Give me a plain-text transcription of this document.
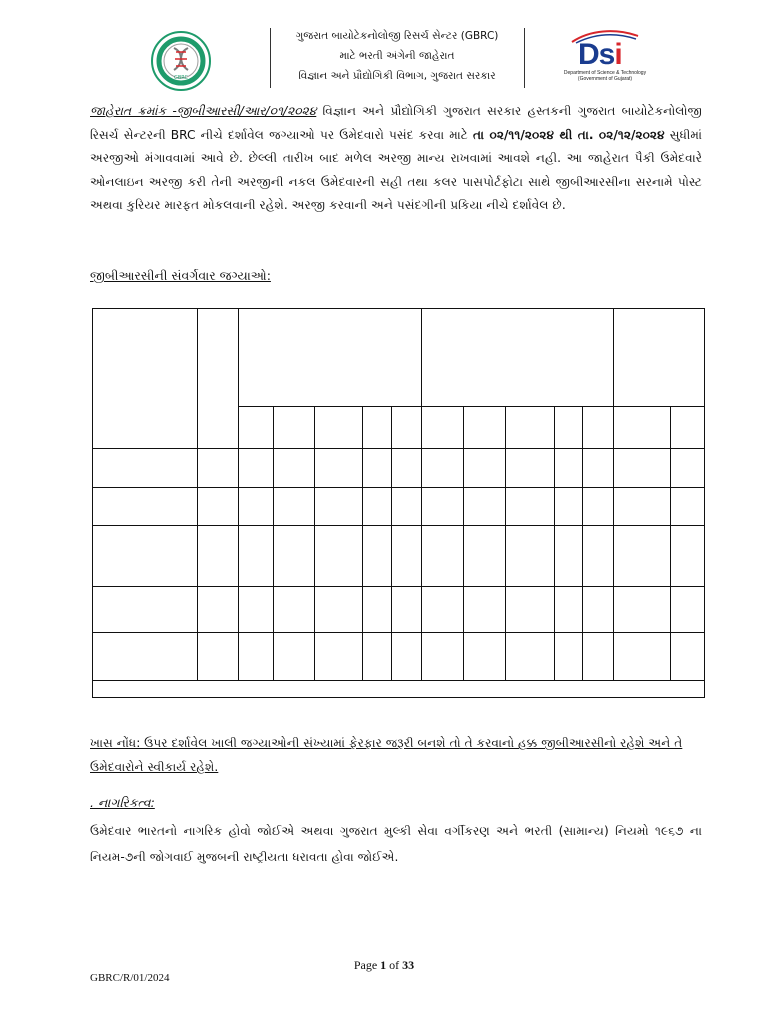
GBRC
ગુજરાત બાયોટેકનોલોજી રિસર્ચ સેન્ટર (GBRC)
માટે ભરતી અંગેની જાહેરાત
વિજ્ઞાન અને પ્રૌદ્યોગિકી વિભાગ, ગુજરાત સરકાર
Dsi
Department of Science & Technology
(Government of Gujarat)
જાહેરાત ક્રમાંક -જીબીઆરસી/આર/૦૧/૨૦૨૪ વિજ્ઞાન અને પ્રૌદ્યોગિકી ગુજરાત સરકાર હસ્તકની ગુજરાત બાયોટેકનોલોજી રિસર્ચ સેન્ટરની BRC નીચે દર્શાવેલ જગ્યાઓ પર ઉમેદવારો પસંદ કરવા માટે તા ૦૨/૧૧/૨૦૨૪ થી તા. ૦૨/૧૨/૨૦૨૪ સુધીમાં અરજીઓ મંગાવવામાં આવે છે. છેલ્લી તારીખ બાદ મળેલ અરજી માન્ય રાખવામાં આવશે નહી. આ જાહેરાત પૈકી ઉમેદવારે ઓનલાઇન અરજી કરી તેની અરજીની નકલ ઉમેદવારની સહી તથા કલર પાસપોર્ટફોટા સાથે જીબીઆરસીના સરનામે પોસ્ટ અથવા કુરિયર મારફત મોકલવાની રહેશે. અરજી કરવાની અને પસંદગીની પ્રકિયા નીચે દર્શાવેલ છે.
જીબીઆરસીની સંવર્ગવાર જગ્યાઓ:

ખાસ નોંધ: ઉપર દર્શાવેલ ખાલી જગ્યાઓની સંખ્યામાં ફેરફાર જરૂરી બનશે તો તે કરવાનો હક્ક જીબીઆરસીનો રહેશે અને તે ઉમેદવારોને સ્વીકાર્ય રહેશે.
. નાગરિકત્વ:
ઉમેદવાર ભારતનો નાગરિક હોવો જોઈએ અથવા ગુજરાત મુલ્કી સેવા વર્ગીકરણ અને ભરતી (સામાન્ય) નિયમો ૧૯૬૭ ના નિયમ-૭ની જોગવાઈ મુજબની રાષ્ટ્રીયતા ધરાવતા હોવા જોઈએ.
Page 1 of 33
GBRC/R/01/2024
